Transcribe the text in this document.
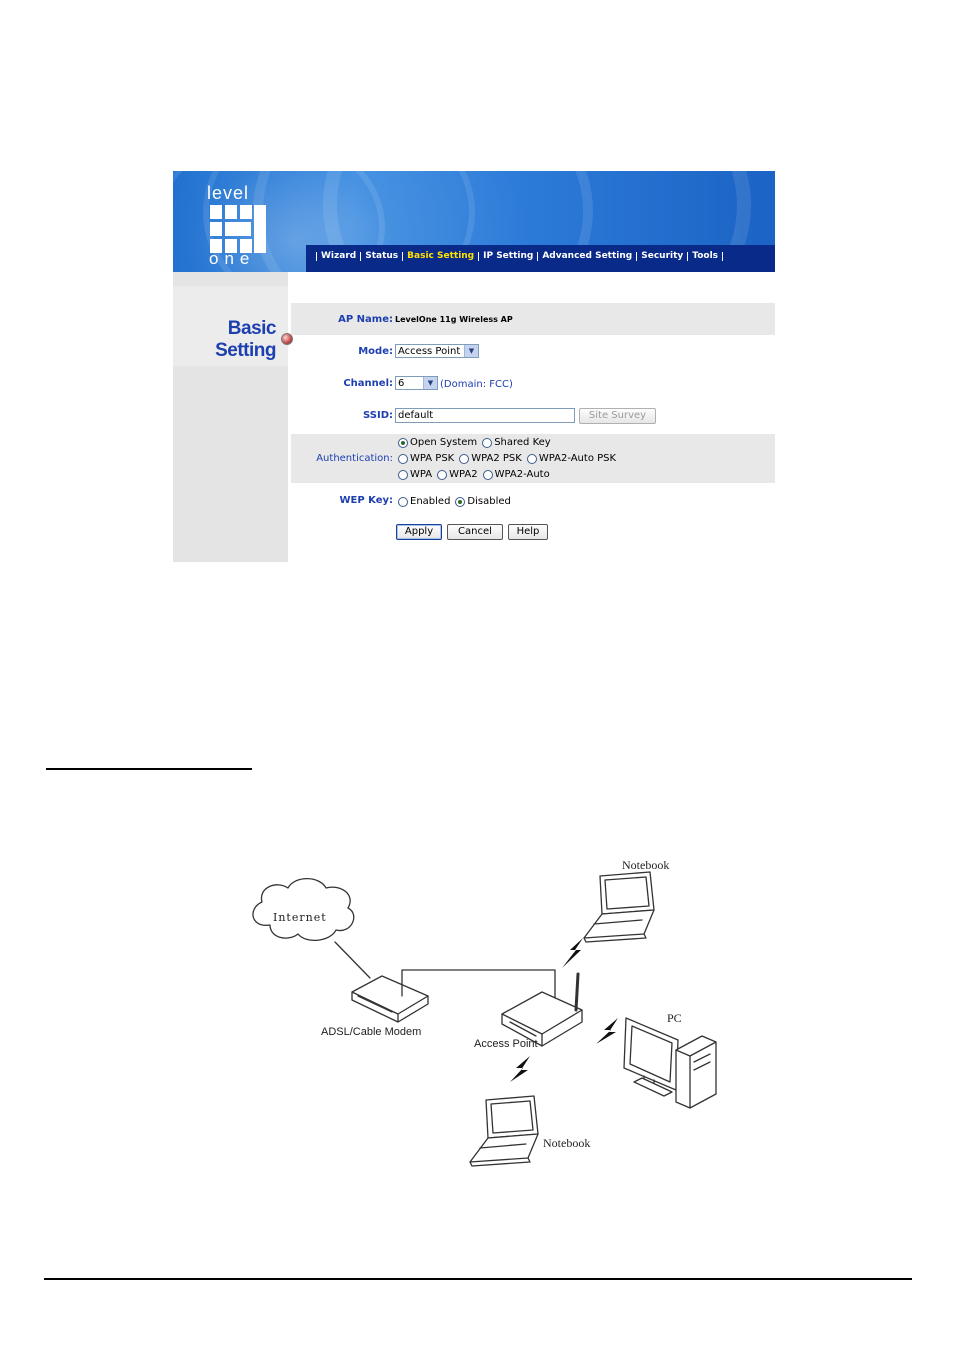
level
one	Wizard	Status	Basic Setting	IP Setting	Advanced Setting	Security	Tools
Basic
Setting
AP Name: LevelOne 11g Wireless AP
Mode: Access Point	▼
Channel: 6	▼ (Domain: FCC)
SSID: default	Site Survey
Authentication:
Open System Shared Key
WPA PSK WPA2 PSK WPA2-Auto PSK
WPA WPA2 WPA2-Auto
WEP Key: Enabled Disabled
Apply	Cancel	Help
Internet
ADSL/Cable Modem
Access Point
Notebook
Notebook
PC
